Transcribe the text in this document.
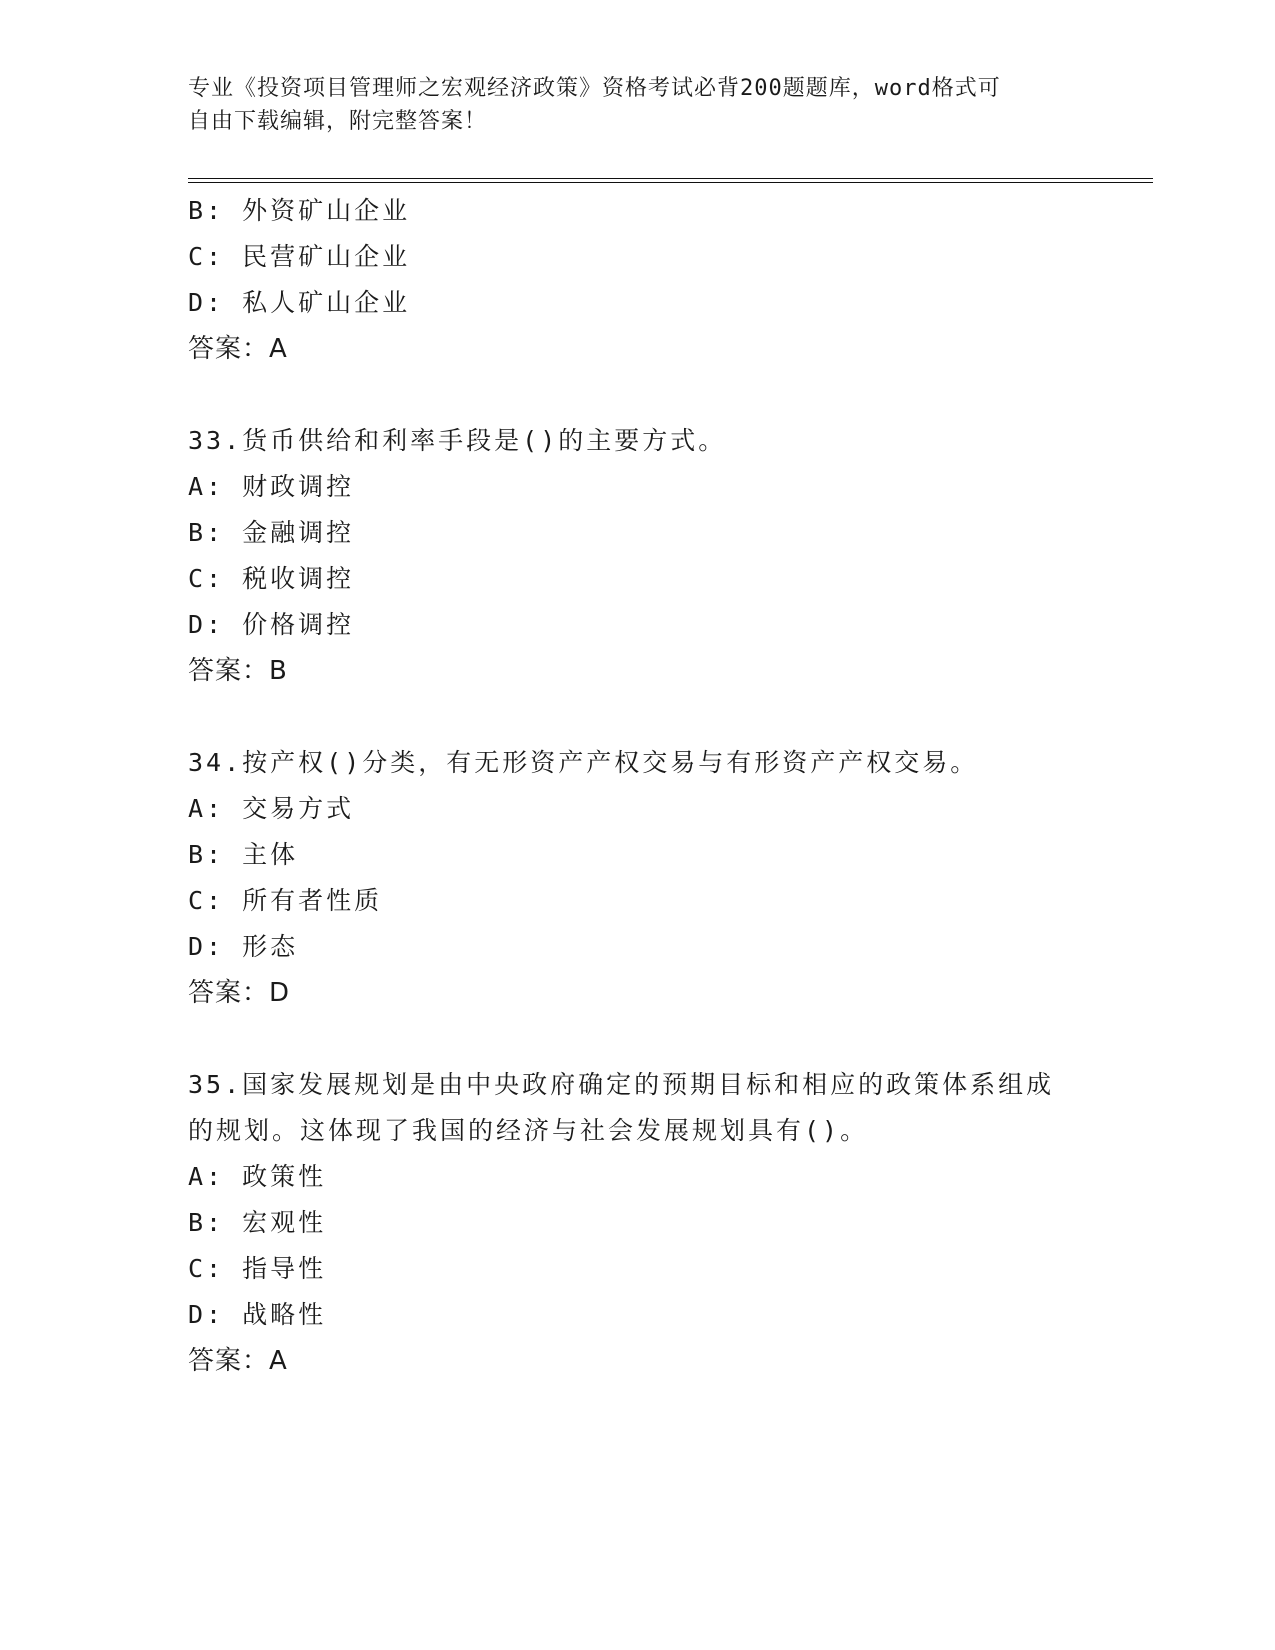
专业《投资项目管理师之宏观经济政策》资格考试必背200题题库，word格式可
自由下载编辑，附完整答案！
B: 外资矿山企业
C: 民营矿山企业
D: 私人矿山企业
答案：A
33.货币供给和利率手段是()的主要方式。
A: 财政调控
B: 金融调控
C: 税收调控
D: 价格调控
答案：B
34.按产权()分类，有无形资产产权交易与有形资产产权交易。
A: 交易方式
B: 主体
C: 所有者性质
D: 形态
答案：D
35.国家发展规划是由中央政府确定的预期目标和相应的政策体系组成
的规划。这体现了我国的经济与社会发展规划具有()。
A: 政策性
B: 宏观性
C: 指导性
D: 战略性
答案：A
